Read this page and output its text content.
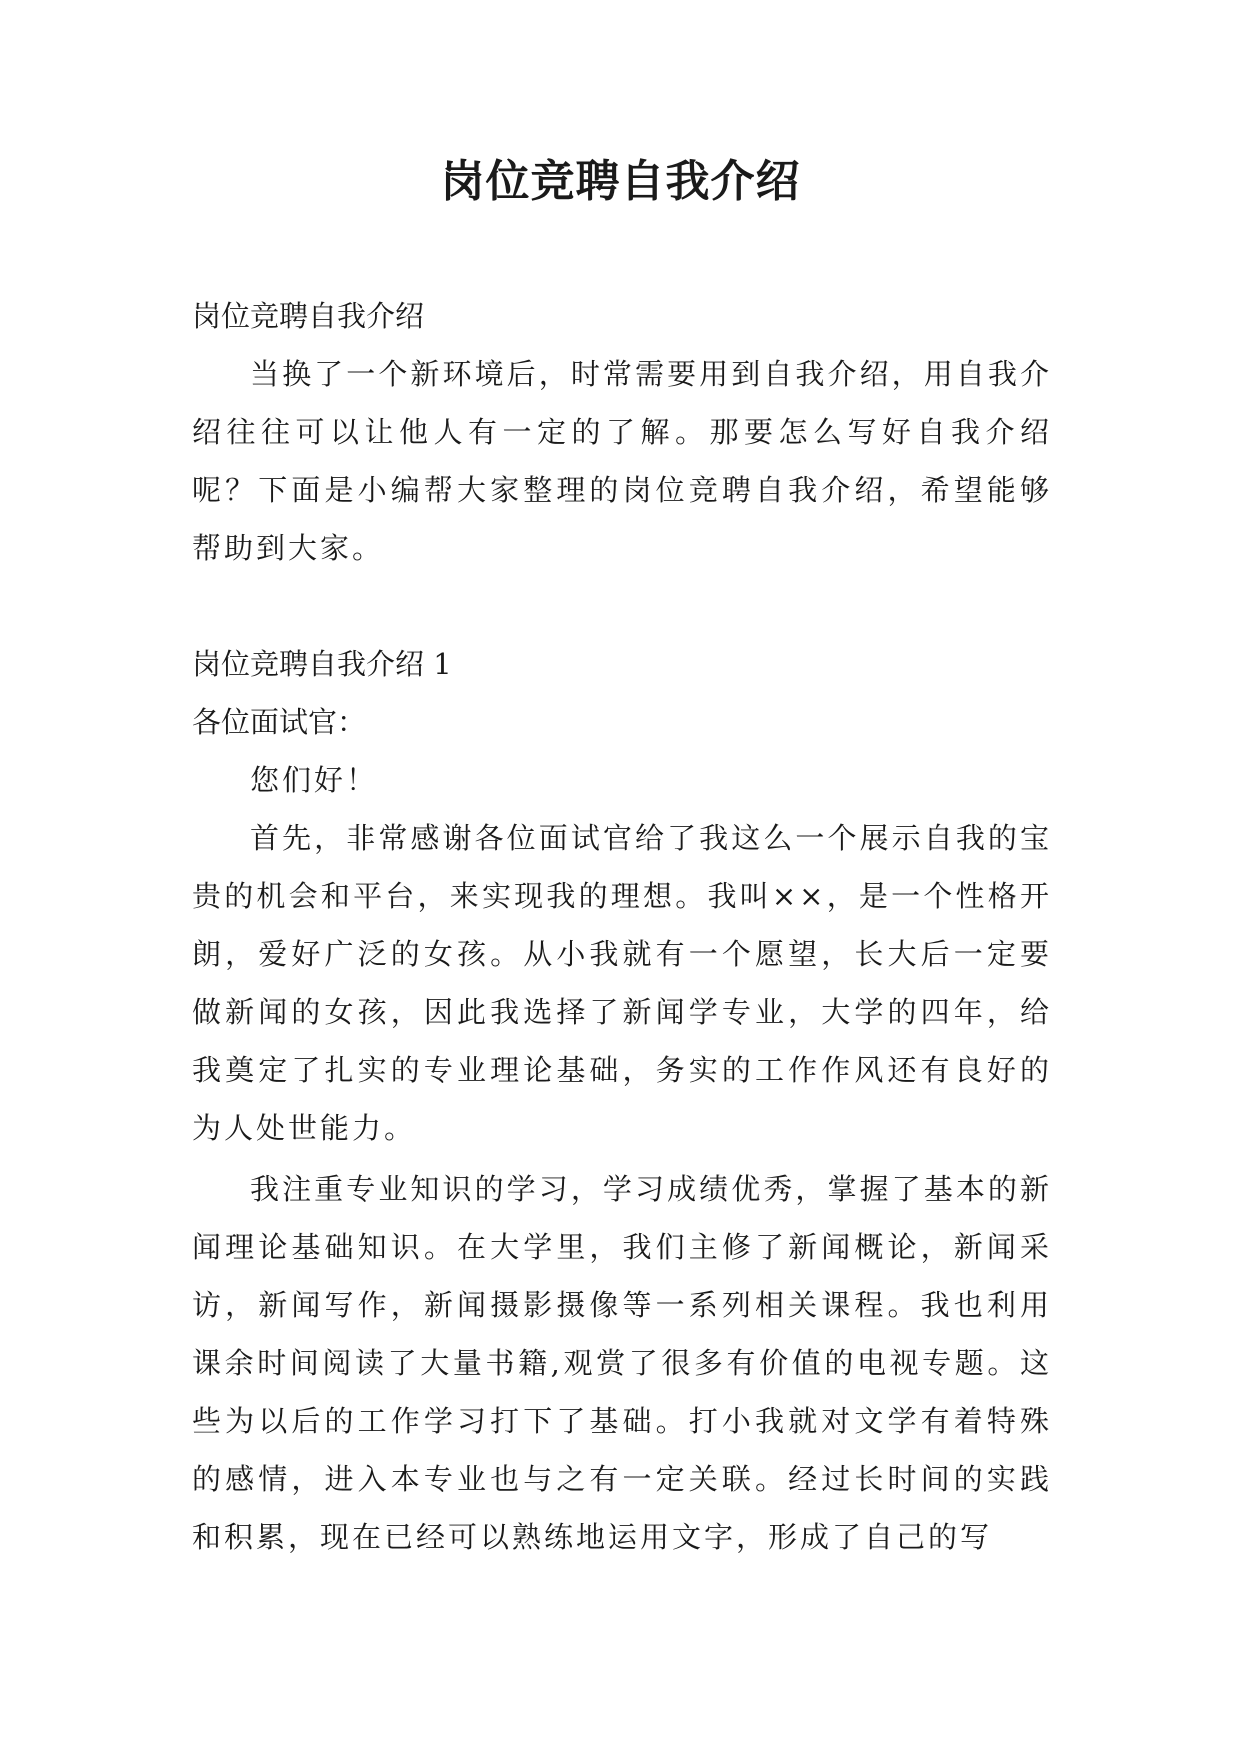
岗位竞聘自我介绍

岗位竞聘自我介绍

当换了一个新环境后，时常需要用到自我介绍，用自我介绍往往可以让他人有一定的了解。那要怎么写好自我介绍呢？下面是小编帮大家整理的岗位竞聘自我介绍，希望能够帮助到大家。

岗位竞聘自我介绍 1

各位面试官：

您们好！

首先，非常感谢各位面试官给了我这么一个展示自我的宝贵的机会和平台，来实现我的理想。我叫××，是一个性格开朗，爱好广泛的女孩。从小我就有一个愿望，长大后一定要做新闻的女孩，因此我选择了新闻学专业，大学的四年，给我奠定了扎实的专业理论基础，务实的工作作风还有良好的为人处世能力。

我注重专业知识的学习，学习成绩优秀，掌握了基本的新闻理论基础知识。在大学里，我们主修了新闻概论，新闻采访，新闻写作，新闻摄影摄像等一系列相关课程。我也利用课余时间阅读了大量书籍,观赏了很多有价值的电视专题。这些为以后的工作学习打下了基础。打小我就对文学有着特殊的感情，进入本专业也与之有一定关联。经过长时间的实践和积累，现在已经可以熟练地运用文字，形成了自己的写
